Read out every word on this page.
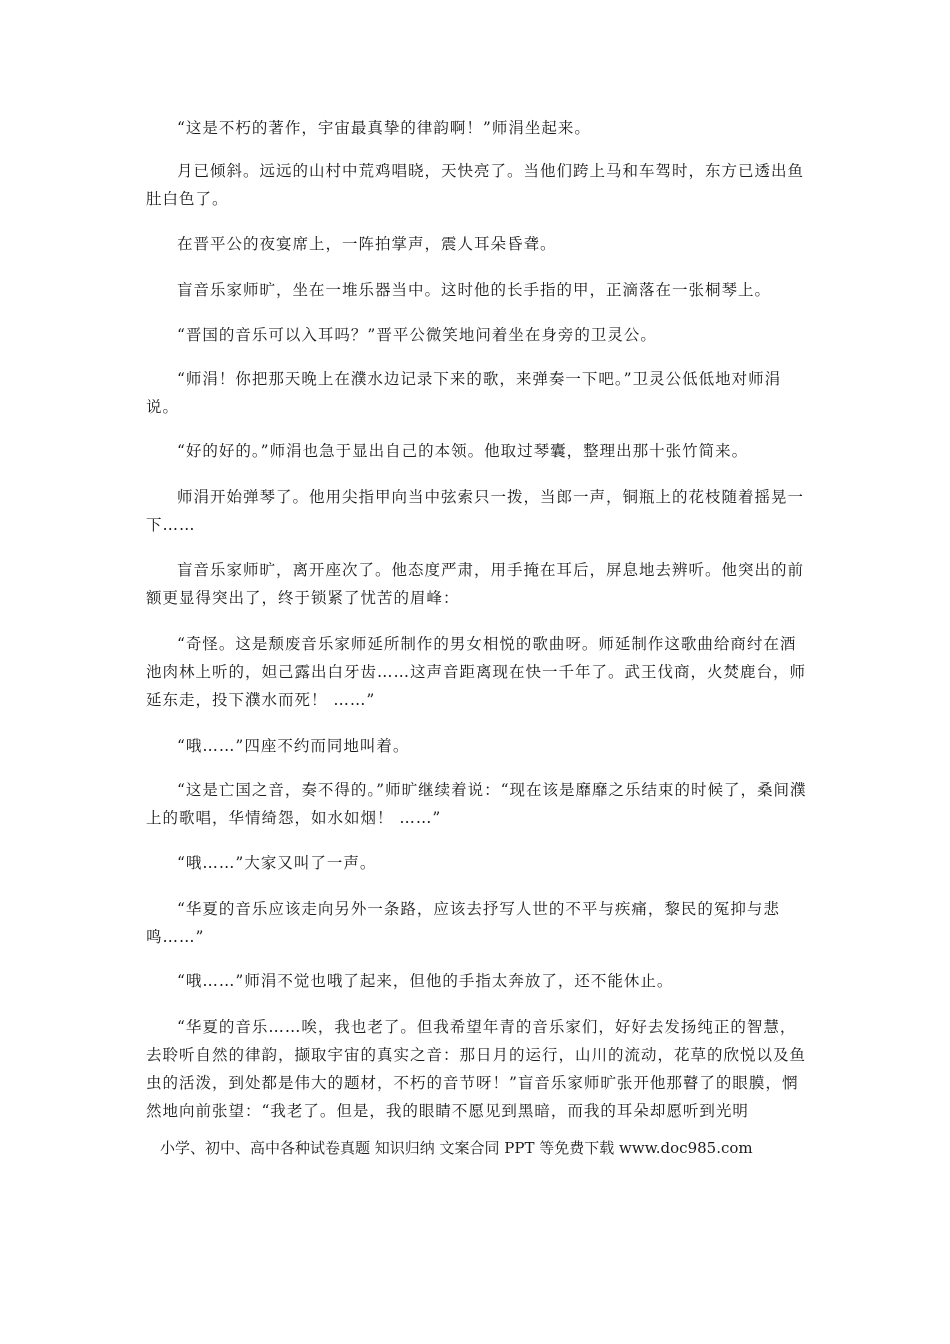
“这是不朽的著作，宇宙最真挚的律韵啊！”师涓坐起来。

月已倾斜。远远的山村中荒鸡唱晓，天快亮了。当他们跨上马和车驾时，东方已透出鱼肚白色了。

在晋平公的夜宴席上，一阵拍掌声，震人耳朵昏聋。

盲音乐家师旷，坐在一堆乐器当中。这时他的长手指的甲，正滴落在一张桐琴上。

“晋国的音乐可以入耳吗？”晋平公微笑地问着坐在身旁的卫灵公。

“师涓！你把那天晚上在濮水边记录下来的歌，来弹奏一下吧。”卫灵公低低地对师涓说。

“好的好的。”师涓也急于显出自己的本领。他取过琴囊，整理出那十张竹简来。

师涓开始弹琴了。他用尖指甲向当中弦索只一拨，当郎一声，铜瓶上的花枝随着摇晃一下……

盲音乐家师旷，离开座次了。他态度严肃，用手掩在耳后，屏息地去辨听。他突出的前额更显得突出了，终于锁紧了忧苦的眉峰：

“奇怪。这是颓废音乐家师延所制作的男女相悦的歌曲呀。师延制作这歌曲给商纣在酒池肉林上听的，妲己露出白牙齿……这声音距离现在快一千年了。武王伐商，火焚鹿台，师延东走，投下濮水而死！ ……”

“哦……”四座不约而同地叫着。

“这是亡国之音，奏不得的。”师旷继续着说：“现在该是靡靡之乐结束的时候了，桑间濮上的歌唱，华情绮怨，如水如烟！ ……”

“哦……”大家又叫了一声。

“华夏的音乐应该走向另外一条路，应该去抒写人世的不平与疾痛，黎民的冤抑与悲鸣……”

“哦……”师涓不觉也哦了起来，但他的手指太奔放了，还不能休止。

“华夏的音乐……唉，我也老了。但我希望年青的音乐家们，好好去发扬纯正的智慧，去聆听自然的律韵，撷取宇宙的真实之音：那日月的运行，山川的流动，花草的欣悦以及鱼虫的活泼，到处都是伟大的题材，不朽的音节呀！”盲音乐家师旷张开他那瞽了的眼膜，惘然地向前张望：“我老了。但是，我的眼睛不愿见到黑暗，而我的耳朵却愿听到光明

小学、初中、高中各种试卷真题 知识归纳 文案合同 PPT 等免费下载 www.doc985.com
